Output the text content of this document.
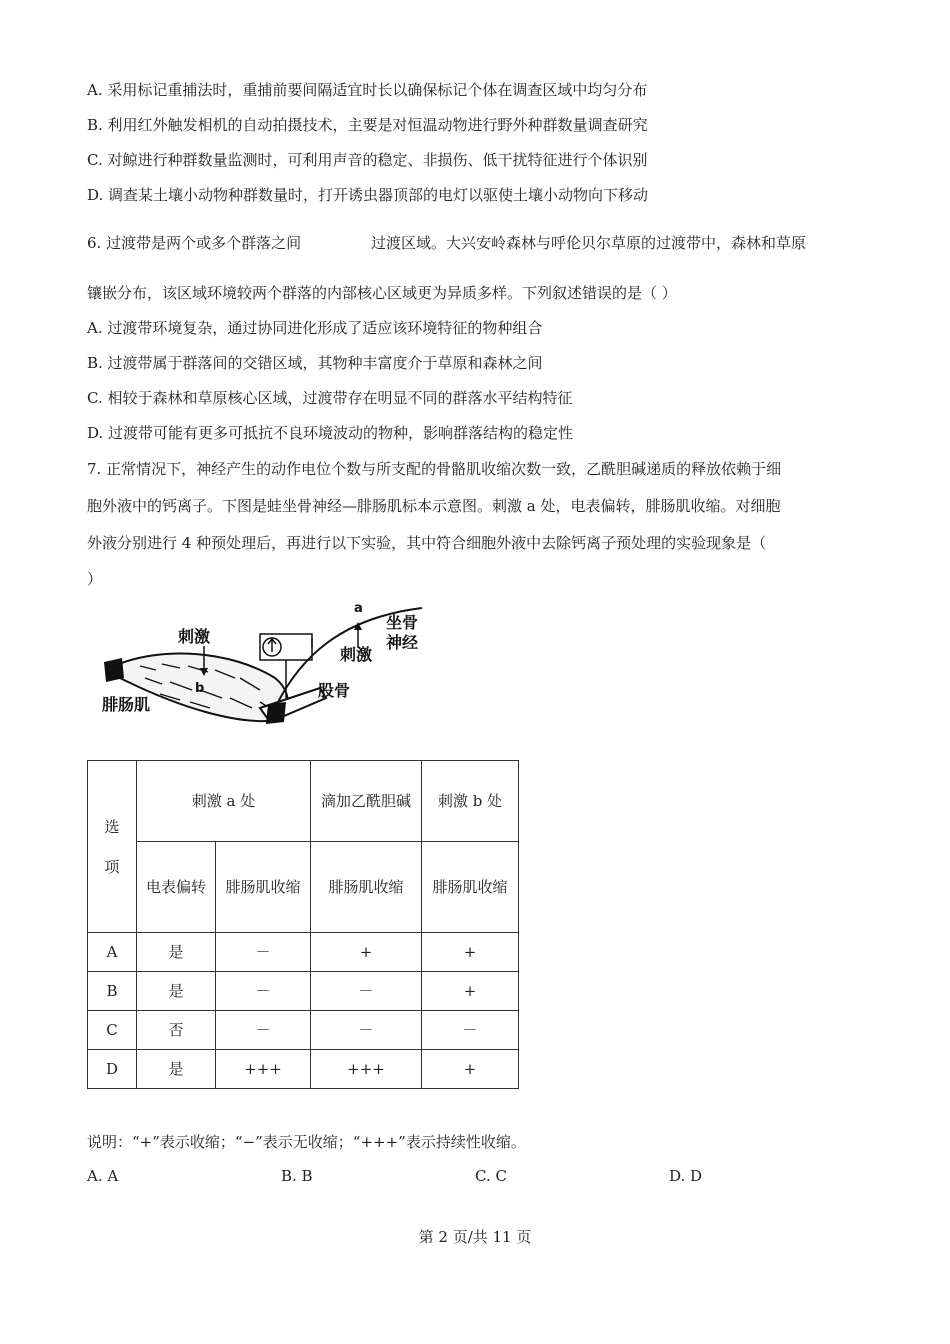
A. 采用标记重捕法时，重捕前要间隔适宜时长以确保标记个体在调查区域中均匀分布
B. 利用红外触发相机的自动拍摄技术，主要是对恒温动物进行野外种群数量调查研究
C. 对鲸进行种群数量监测时，可利用声音的稳定、非损伤、低干扰特征进行个体识别
D. 调查某土壤小动物种群数量时，打开诱虫器顶部的电灯以驱使土壤小动物向下移动
6. 过渡带是两个或多个群落之间	过渡区域。大兴安岭森林与呼伦贝尔草原的过渡带中，森林和草原
镶嵌分布，该区域环境较两个群落的内部核心区域更为异质多样。下列叙述错误的是（ ）
A. 过渡带环境复杂，通过协同进化形成了适应该环境特征的物种组合
B. 过渡带属于群落间的交错区域，其物种丰富度介于草原和森林之间
C. 相较于森林和草原核心区域，过渡带存在明显不同的群落水平结构特征
D. 过渡带可能有更多可抵抗不良环境波动的物种，影响群落结构的稳定性
7. 正常情况下，神经产生的动作电位个数与所支配的骨骼肌收缩次数一致，乙酰胆碱递质的释放依赖于细
胞外液中的钙离子。下图是蛙坐骨神经—腓肠肌标本示意图。刺激 a 处，电表偏转，腓肠肌收缩。对细胞
外液分别进行 4 种预处理后，再进行以下实验，其中符合细胞外液中去除钙离子预处理的实验现象是（
）
刺激
b
腓肠肌
a
刺激
坐骨
神经
股骨
选
项	刺激 a 处		滴加乙酰胆碱	刺激 b 处
	电表偏转	腓肠肌收缩	腓肠肌收缩	腓肠肌收缩
A	是	－	+	+
B	是	－	－	+
C	否	－	－	－
D	是	+++	+++	+
说明：“+”表示收缩；“−”表示无收缩；“+++”表示持续性收缩。
A. A	B. B	C. C	D. D
第 2 页/共 11 页
